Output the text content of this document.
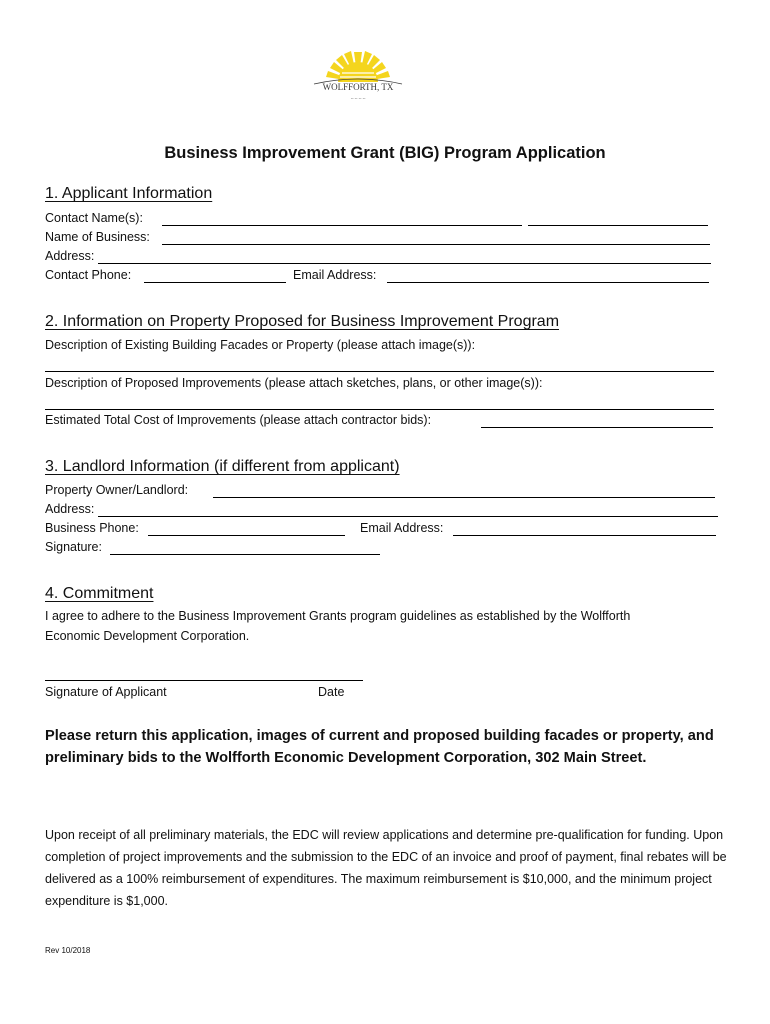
WOLFFORTH, TX
~ ~ ~ ~
Business Improvement Grant (BIG) Program Application
1. Applicant Information
Contact Name(s):
Name of Business:
Address:
Contact Phone:	Email Address:
2. Information on Property Proposed for Business Improvement Program
Description of Existing Building Facades or Property (please attach image(s)):
Description of Proposed Improvements (please attach sketches, plans, or other image(s)):
Estimated Total Cost of Improvements (please attach contractor bids):
3. Landlord Information (if different from applicant)
Property Owner/Landlord:
Address:
Business Phone:	Email Address:
Signature:
4. Commitment
I agree to adhere to the Business Improvement Grants program guidelines as established by the Wolfforth
Economic Development Corporation.
Signature of Applicant	Date
Please return this application, images of current and proposed building facades or property, and preliminary bids to the Wolfforth Economic Development Corporation, 302 Main Street.
Upon receipt of all preliminary materials, the EDC will review applications and determine pre-qualification for funding. Upon completion of project improvements and the submission to the EDC of an invoice and proof of payment, final rebates will be delivered as a 100% reimbursement of expenditures. The maximum reimbursement is $10,000, and the minimum project expenditure is $1,000.
Rev 10/2018
